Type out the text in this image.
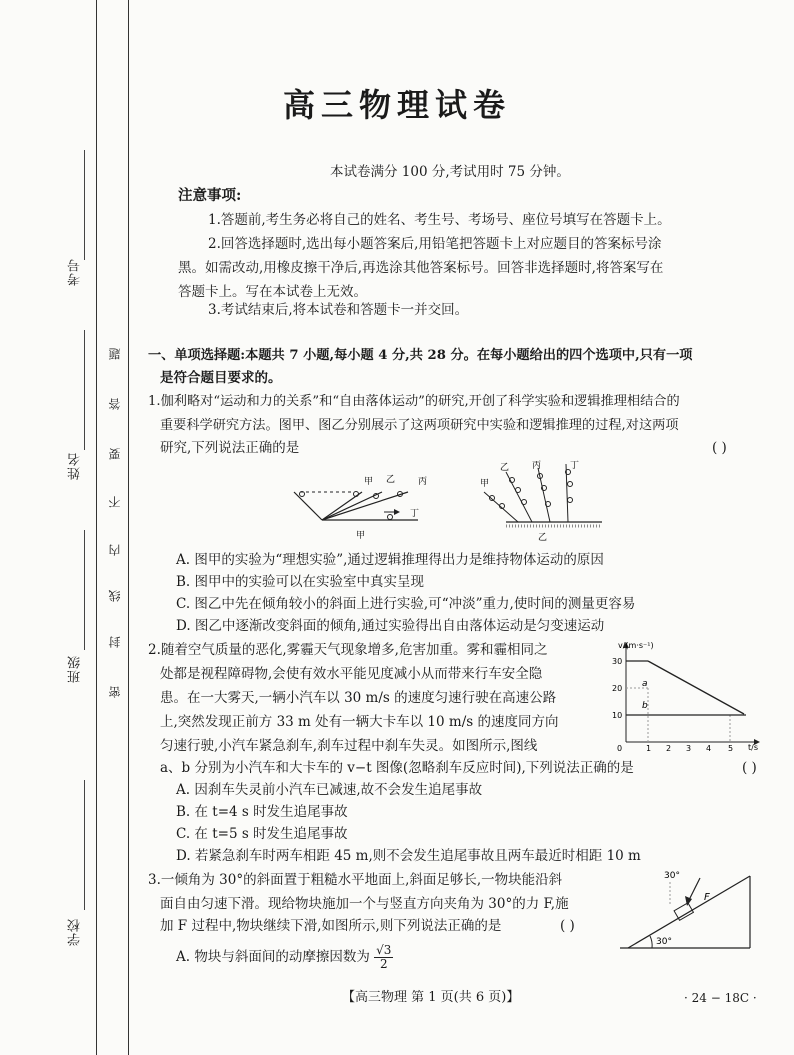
考号
姓名
班级
学校
密
封
线
内
不
要
答
题
高三物理试卷
本试卷满分 100 分,考试用时 75 分钟。
注意事项:
1.答题前,考生务必将自己的姓名、考生号、考场号、座位号填写在答题卡上。
2.回答选择题时,选出每小题答案后,用铅笔把答题卡上对应题目的答案标号涂
黑。如需改动,用橡皮擦干净后,再选涂其他答案标号。回答非选择题时,将答案写在
答题卡上。写在本试卷上无效。
3.考试结束后,将本试卷和答题卡一并交回。
一、单项选择题:本题共 7 小题,每小题 4 分,共 28 分。在每小题给出的四个选项中,只有一项
是符合题目要求的。
1.伽利略对“运动和力的关系”和“自由落体运动”的研究,开创了科学实验和逻辑推理相结合的
重要科学研究方法。图甲、图乙分别展示了这两项研究中实验和逻辑推理的过程,对这两项
研究,下列说法正确的是	( )
甲 乙	丙
丁
甲
甲
乙	丙	丁
乙
A. 图甲的实验为“理想实验”,通过逻辑推理得出力是维持物体运动的原因
B. 图甲中的实验可以在实验室中真实呈现
C. 图乙中先在倾角较小的斜面上进行实验,可“冲淡”重力,使时间的测量更容易
D. 图乙中逐渐改变斜面的倾角,通过实验得出自由落体运动是匀变速运动
2.随着空气质量的恶化,雾霾天气现象增多,危害加重。雾和霾相同之
处都是视程障碍物,会使有效水平能见度减小从而带来行车安全隐
患。在一大雾天,一辆小汽车以 30 m/s 的速度匀速行驶在高速公路
上,突然发现正前方 33 m 处有一辆大卡车以 10 m/s 的速度同方向
匀速行驶,小汽车紧急刹车,刹车过程中刹车失灵。如图所示,图线
a、b 分别为小汽车和大卡车的 v−t 图像(忽略刹车反应时间),下列说法正确的是	( )
v/(m·s⁻¹)
t/s
0
10
20
30
1 2 3 4 5
a
b
A. 因刹车失灵前小汽车已减速,故不会发生追尾事故
B. 在 t=4 s 时发生追尾事故
C. 在 t=5 s 时发生追尾事故
D. 若紧急刹车时两车相距 45 m,则不会发生追尾事故且两车最近时相距 10 m
3.一倾角为 30°的斜面置于粗糙水平地面上,斜面足够长,一物块能沿斜
面自由匀速下滑。现给物块施加一个与竖直方向夹角为 30°的力 F,施
加 F 过程中,物块继续下滑,如图所示,则下列说法正确的是	( )
30°
F
30°
A. 物块与斜面间的动摩擦因数为 $\frac{√3}{2}$
【高三物理 第 1 页(共 6 页)】	· 24 − 18C ·
